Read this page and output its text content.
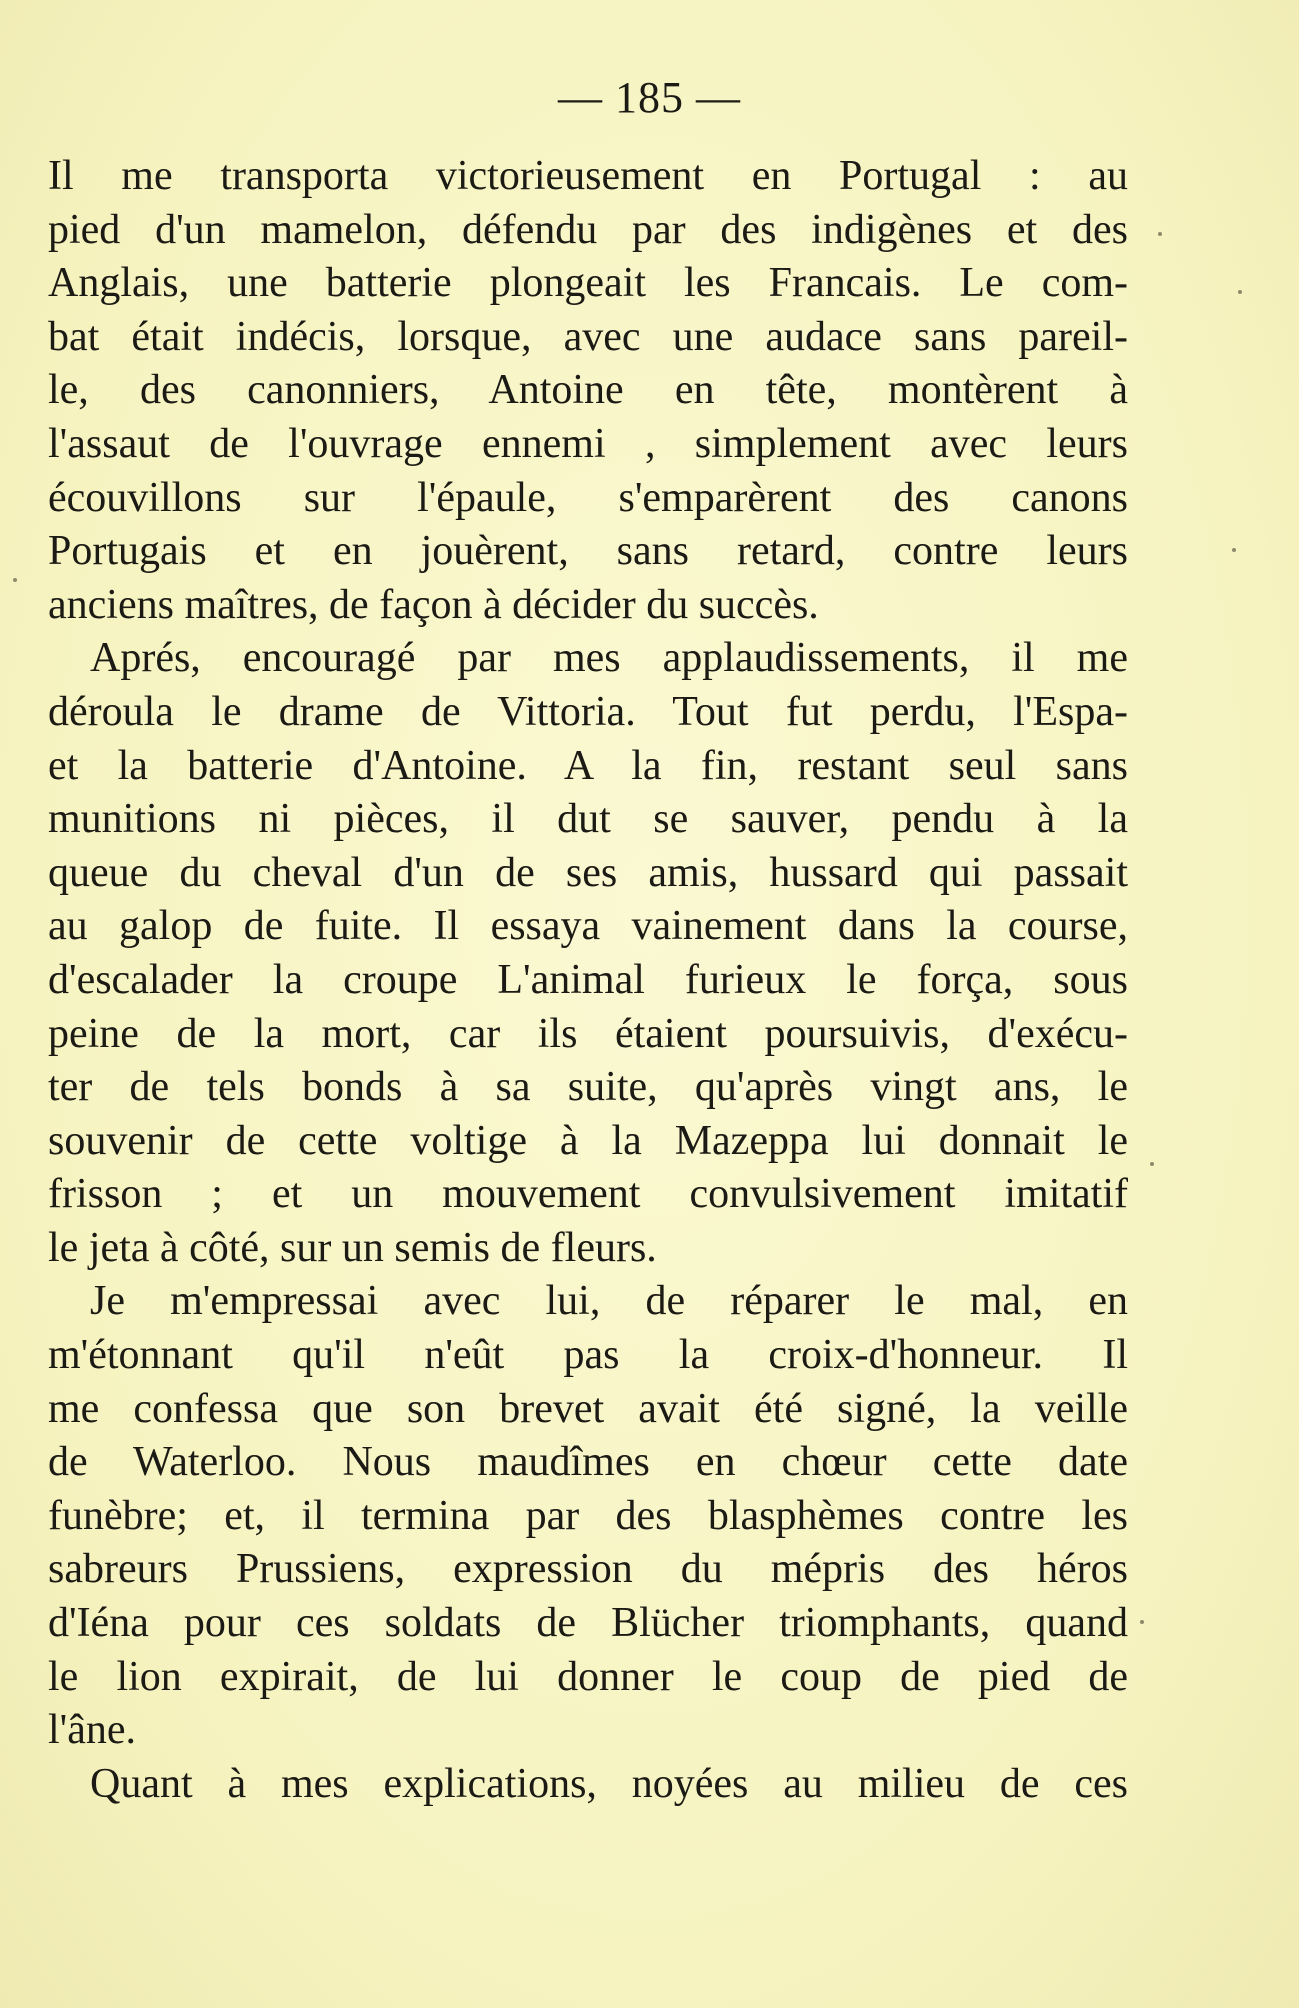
— 185 —
Il me transporta victorieusement en Portugal : au
pied d'un mamelon, défendu par des indigènes et des
Anglais, une batterie plongeait les Francais. Le com-
bat était indécis, lorsque, avec une audace sans pareil-
le, des canonniers, Antoine en tête, montèrent à
l'assaut de l'ouvrage ennemi , simplement avec leurs
écouvillons sur l'épaule, s'emparèrent des canons
Portugais et en jouèrent, sans retard, contre leurs
anciens maîtres, de façon à décider du succès.
Aprés, encouragé par mes applaudissements, il me
déroula le drame de Vittoria. Tout fut perdu, l'Espa-
et la batterie d'Antoine. A la fin, restant seul sans
munitions ni pièces, il dut se sauver, pendu à la
queue du cheval d'un de ses amis, hussard qui passait
au galop de fuite. Il essaya vainement dans la course,
d'escalader la croupe L'animal furieux le força, sous
peine de la mort, car ils étaient poursuivis, d'exécu-
ter de tels bonds à sa suite, qu'après vingt ans, le
souvenir de cette voltige à la Mazeppa lui donnait le
frisson ; et un mouvement convulsivement imitatif
le jeta à côté, sur un semis de fleurs.
Je m'empressai avec lui, de réparer le mal, en
m'étonnant qu'il n'eût pas la croix-d'honneur. Il
me confessa que son brevet avait été signé, la veille
de Waterloo. Nous maudîmes en chœur cette date
funèbre; et, il termina par des blasphèmes contre les
sabreurs Prussiens, expression du mépris des héros
d'Iéna pour ces soldats de Blücher triomphants, quand
le lion expirait, de lui donner le coup de pied de
l'âne.
Quant à mes explications, noyées au milieu de ces
